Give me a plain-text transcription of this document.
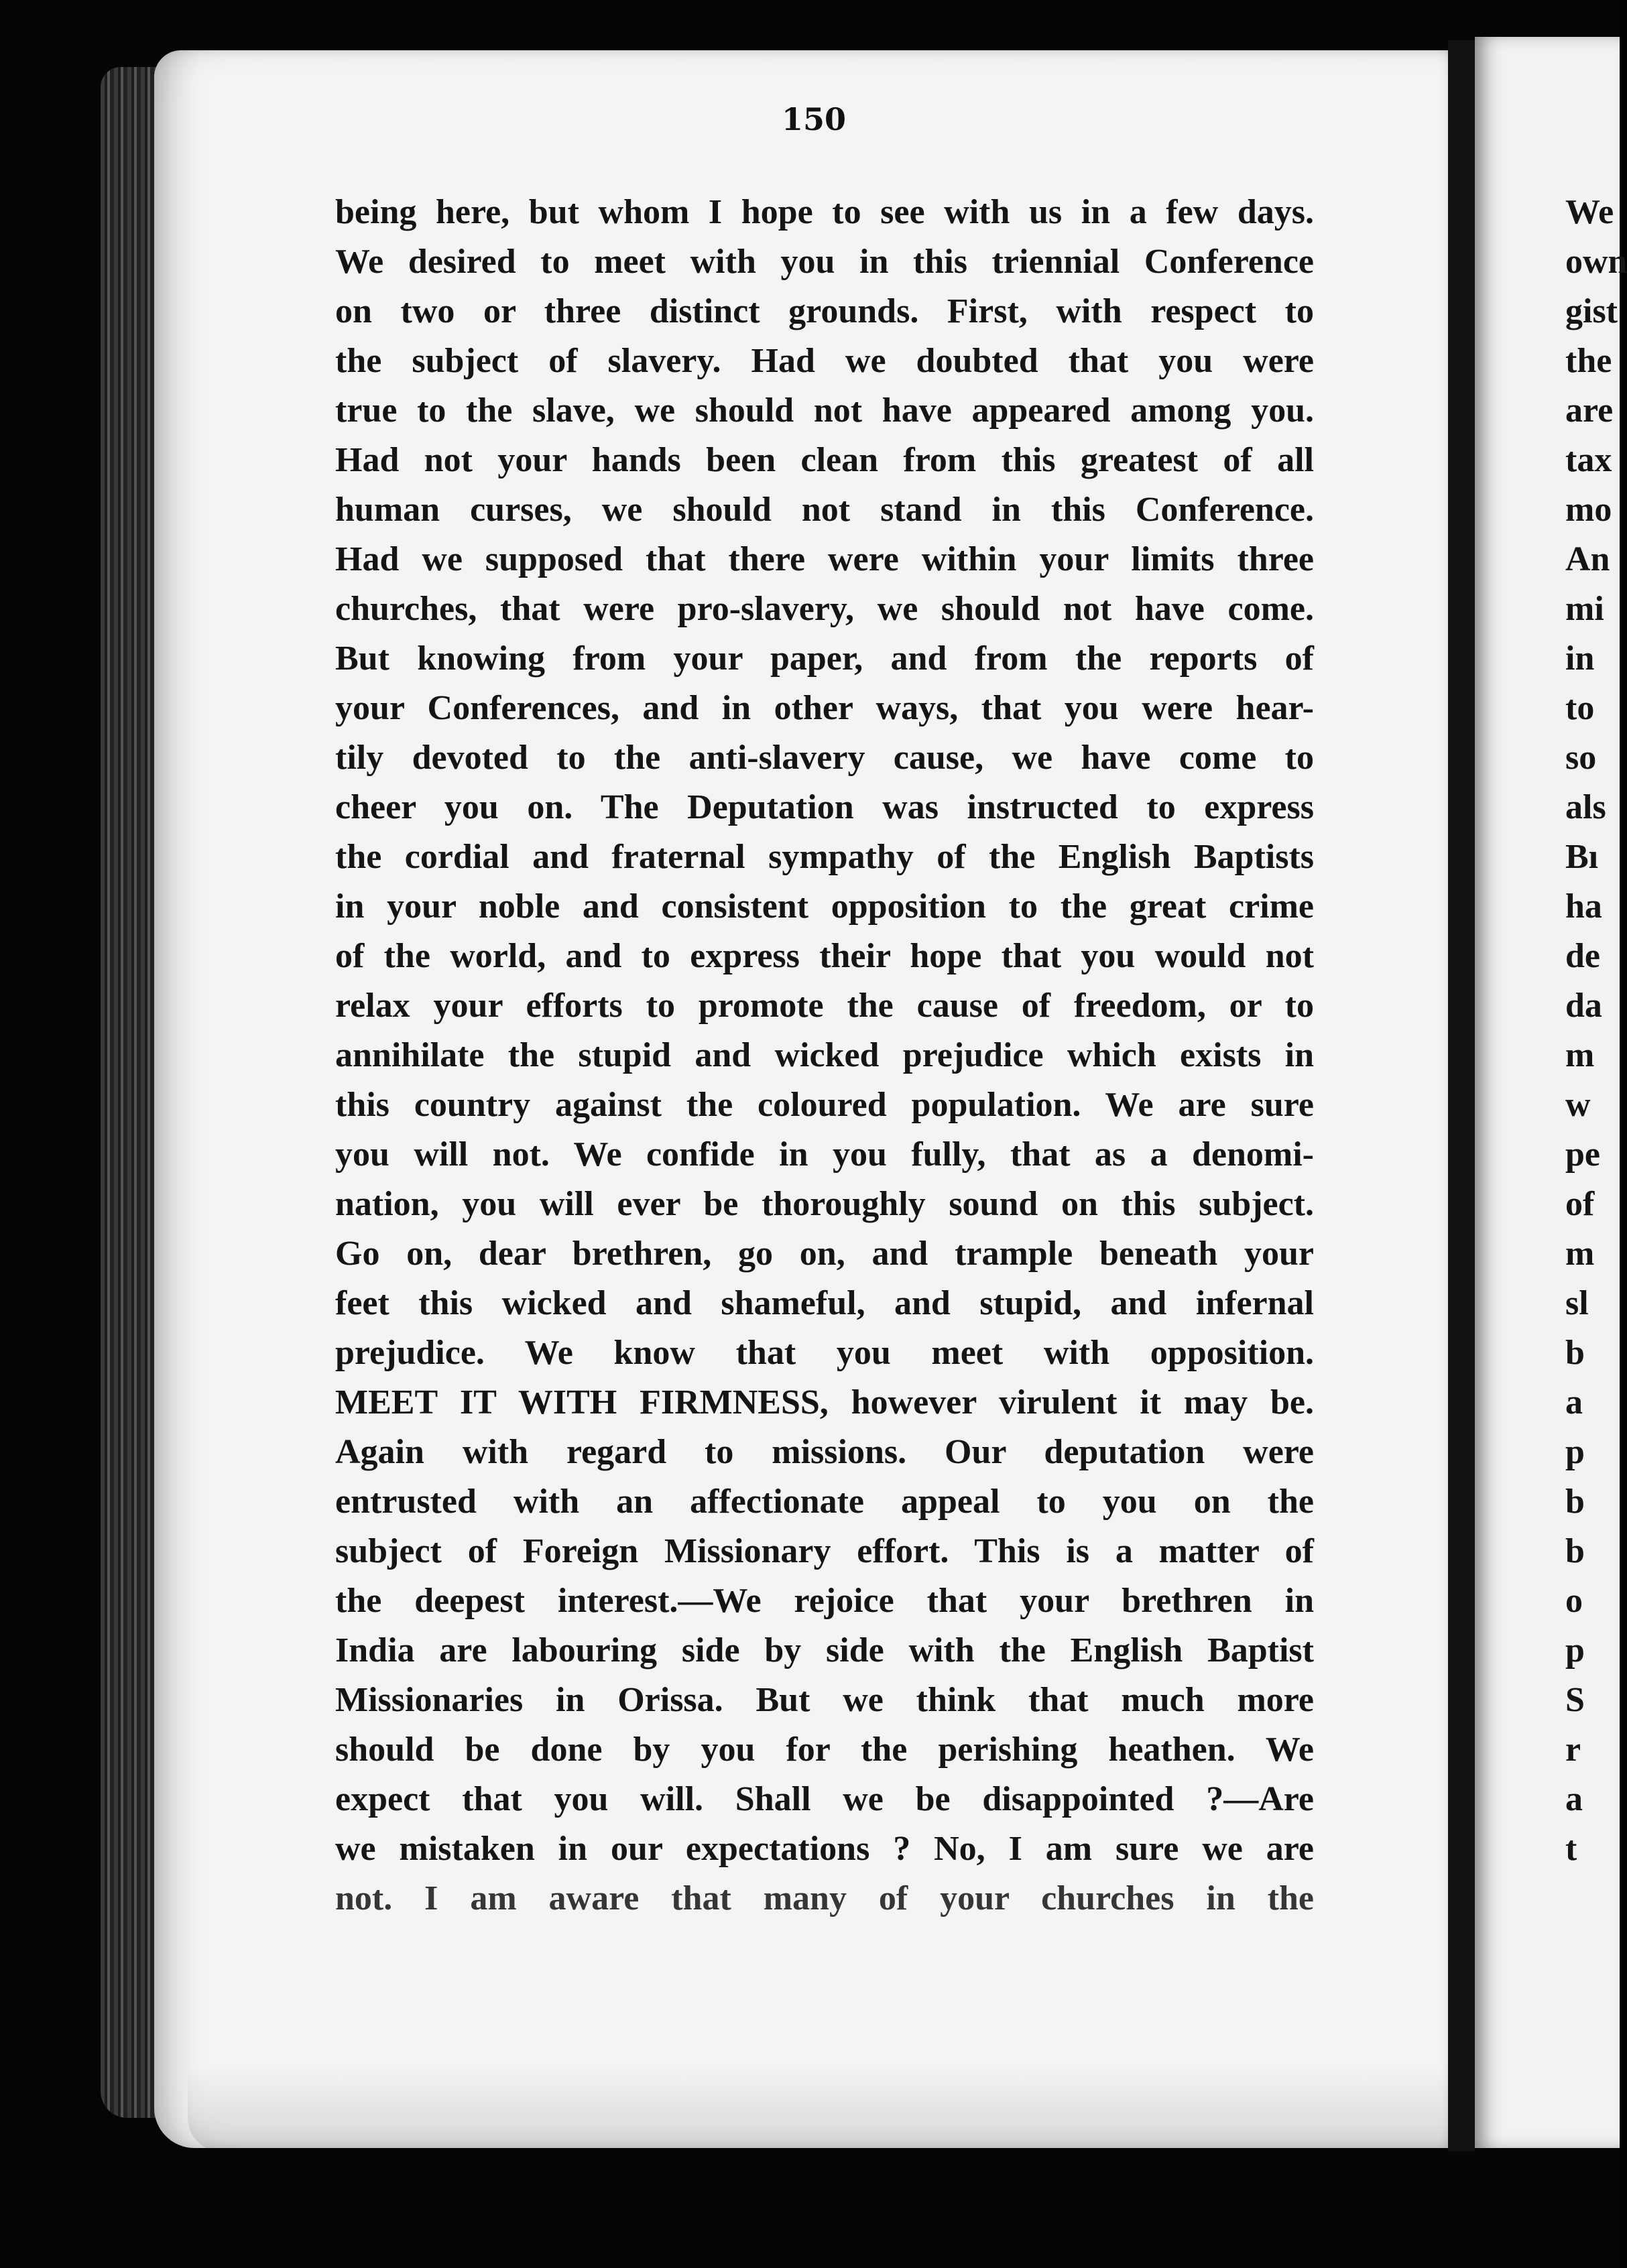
150
being here, but whom I hope to see with us in a few days.
We desired to meet with you in this triennial Conference
on two or three distinct grounds. First, with respect to
the subject of slavery. Had we doubted that you were
true to the slave, we should not have appeared among you.
Had not your hands been clean from this greatest of all
human curses, we should not stand in this Conference.
Had we supposed that there were within your limits three
churches, that were pro-slavery, we should not have come.
But knowing from your paper, and from the reports of
your Conferences, and in other ways, that you were hear-
tily devoted to the anti-slavery cause, we have come to
cheer you on. The Deputation was instructed to express
the cordial and fraternal sympathy of the English Baptists
in your noble and consistent opposition to the great crime
of the world, and to express their hope that you would not
relax your efforts to promote the cause of freedom, or to
annihilate the stupid and wicked prejudice which exists in
this country against the coloured population. We are sure
you will not. We confide in you fully, that as a denomi-
nation, you will ever be thoroughly sound on this subject.
Go on, dear brethren, go on, and trample beneath your
feet this wicked and shameful, and stupid, and infernal
prejudice. We know that you meet with opposition.
MEET IT WITH FIRMNESS, however virulent it may be.
Again with regard to missions. Our deputation were
entrusted with an affectionate appeal to you on the
subject of Foreign Missionary effort. This is a matter of
the deepest interest.—We rejoice that your brethren in
India are labouring side by side with the English Baptist
Missionaries in Orissa. But we think that much more
should be done by you for the perishing heathen. We
expect that you will. Shall we be disappointed ?—Are
we mistaken in our expectations ? No, I am sure we are
not. I am aware that many of your churches in the
We
own
gist
the
are
tax
mo
An
mi
in
to
so
als
Bı
ha
de
da
m
w
pe
of
m
sl
b
a
p
b
b
o
p
S
r
a
t
